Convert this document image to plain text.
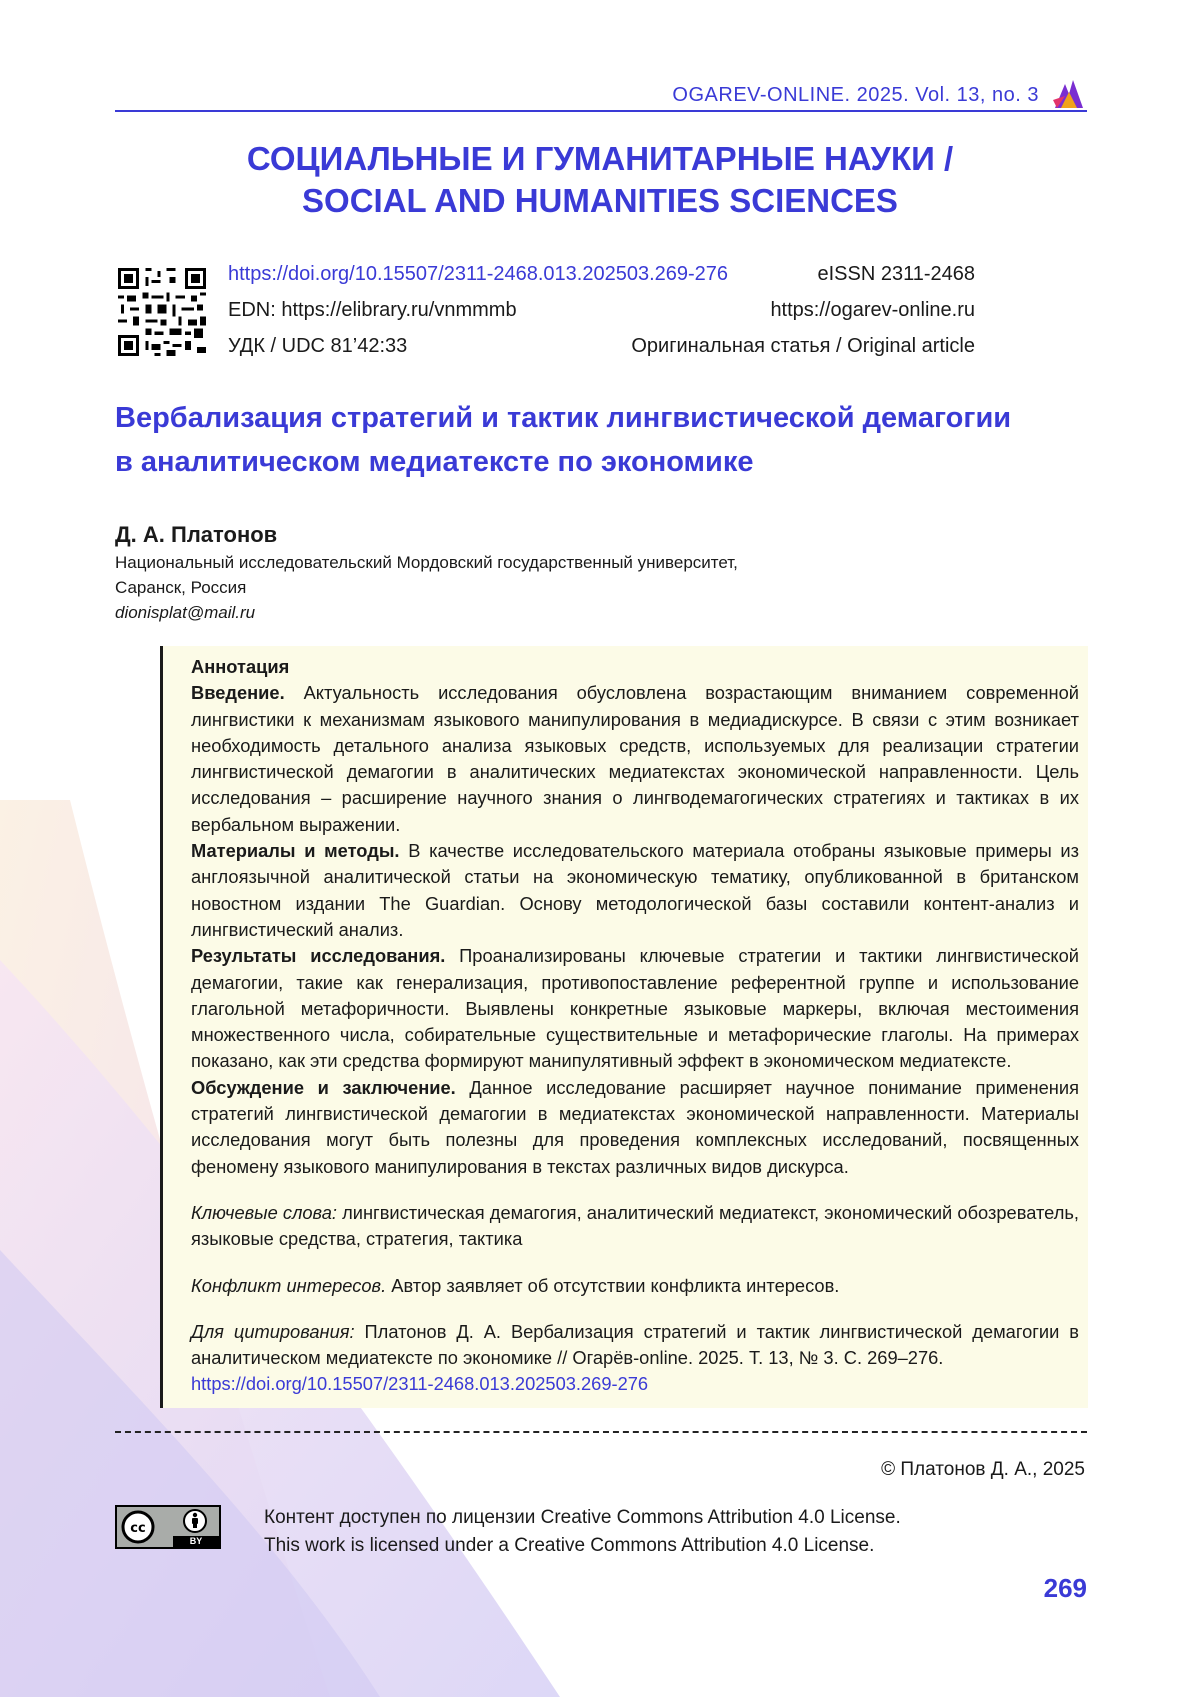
OGAREV-ONLINE. 2025. Vol. 13, no. 3
СОЦИАЛЬНЫЕ И ГУМАНИТАРНЫЕ НАУКИ /
SOCIAL AND HUMANITIES SCIENCES
https://doi.org/10.15507/2311-2468.013.202503.269-276	eISSN 2311-2468
EDN: https://elibrary.ru/vnmmmb	https://ogarev-online.ru
УДК / UDC 81’42:33	Оригинальная статья / Original article
Вербализация стратегий и тактик лингвистической демагогии
в аналитическом медиатексте по экономике
Д. А. Платонов
Национальный исследовательский Мордовский государственный университет,
Саранск, Россия
dionisplat@mail.ru

Аннотация

Введение. Актуальность исследования обусловлена возрастающим вниманием современной лингвистики к механизмам языкового манипулирования в медиадискурсе. В связи с этим возникает необходимость детального анализа языковых средств, используемых для реализации стратегии лингвистической демагогии в аналитических медиатекстах экономической направленности. Цель исследования – расширение научного знания о лингводемагогических стратегиях и тактиках в их вербальном выражении.

Материалы и методы. В качестве исследовательского материала отобраны языковые примеры из англоязычной аналитической статьи на экономическую тематику, опубликованной в британском новостном издании The Guardian. Основу методологической базы составили контент-анализ и лингвистический анализ.

Результаты исследования. Проанализированы ключевые стратегии и тактики лингвистической демагогии, такие как генерализация, противопоставление референтной группе и использование глагольной метафоричности. Выявлены конкретные языковые маркеры, включая местоимения множественного числа, собирательные существительные и метафорические глаголы. На примерах показано, как эти средства формируют манипулятивный эффект в экономическом медиатексте.

Обсуждение и заключение. Данное исследование расширяет научное понимание применения стратегий лингвистической демагогии в медиатекстах экономической направленности. Материалы исследования могут быть полезны для проведения комплексных исследований, посвященных феномену языкового манипулирования в текстах различных видов дискурса.

Ключевые слова: лингвистическая демагогия, аналитический медиатекст, экономический обозреватель, языковые средства, стратегия, тактика

Конфликт интересов. Автор заявляет об отсутствии конфликта интересов.

Для цитирования: Платонов Д. А. Вербализация стратегий и тактик лингвистической демагогии в аналитическом медиатексте по экономике // Огарёв-online. 2025. Т. 13, № 3. С. 269–276.
https://doi.org/10.15507/2311-2468.013.202503.269-276

© Платонов Д. А., 2025
cc
BY
Контент доступен по лицензии Creative Commons Attribution 4.0 License.
This work is licensed under a Creative Commons Attribution 4.0 License.
269
